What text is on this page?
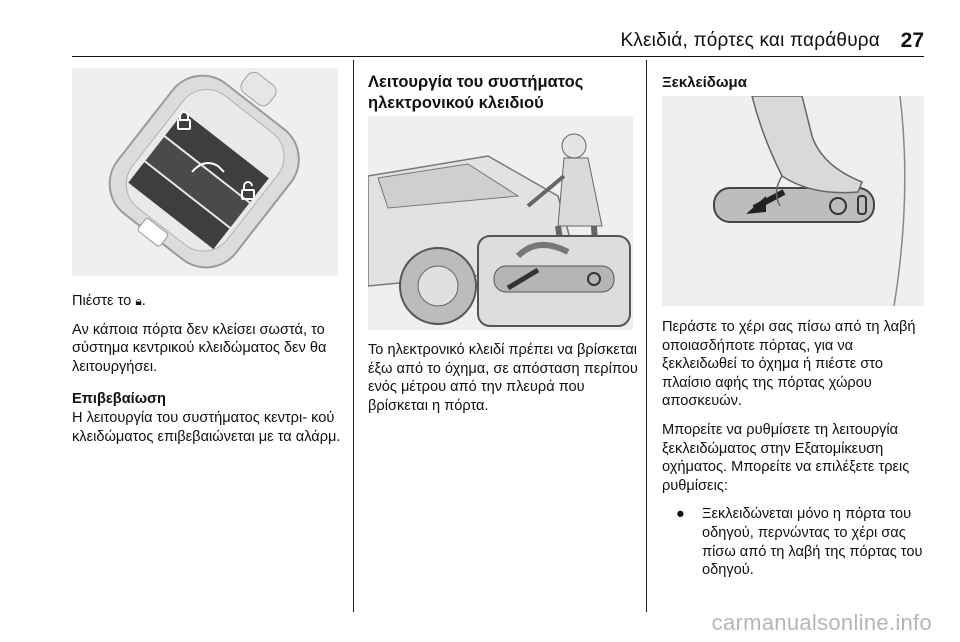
Κλειδιά, πόρτες και παράθυρα 27

Πιέστε το 🔒︎.

Αν κάποια πόρτα δεν κλείσει σωστά, το σύστημα κεντρικού κλειδώματος δεν θα λειτουργήσει.

Επιβεβαίωση
Η λειτουργία του συστήματος κεντρι- κού κλειδώματος επιβεβαιώνεται με τα αλάρμ.

Λειτουργία του συστήματος
ηλεκτρονικού κλειδιού

Το ηλεκτρονικό κλειδί πρέπει να βρίσκεται έξω από το όχημα, σε απόσταση περίπου ενός μέτρου από την πλευρά που βρίσκεται η πόρτα.

Ξεκλείδωμα

Περάστε το χέρι σας πίσω από τη λαβή οποιασδήποτε πόρτας, για να ξεκλειδωθεί το όχημα ή πιέστε στο πλαίσιο αφής της πόρτας χώρου αποσκευών.

Μπορείτε να ρυθμίσετε τη λειτουργία ξεκλειδώματος στην Εξατομίκευση οχήματος. Μπορείτε να επιλέξετε τρεις ρυθμίσεις:

●	Ξεκλειδώνεται μόνο η πόρτα του οδηγού, περνώντας το χέρι σας πίσω από τη λαβή της πόρτας του οδηγού.
carmanualsonline.info
